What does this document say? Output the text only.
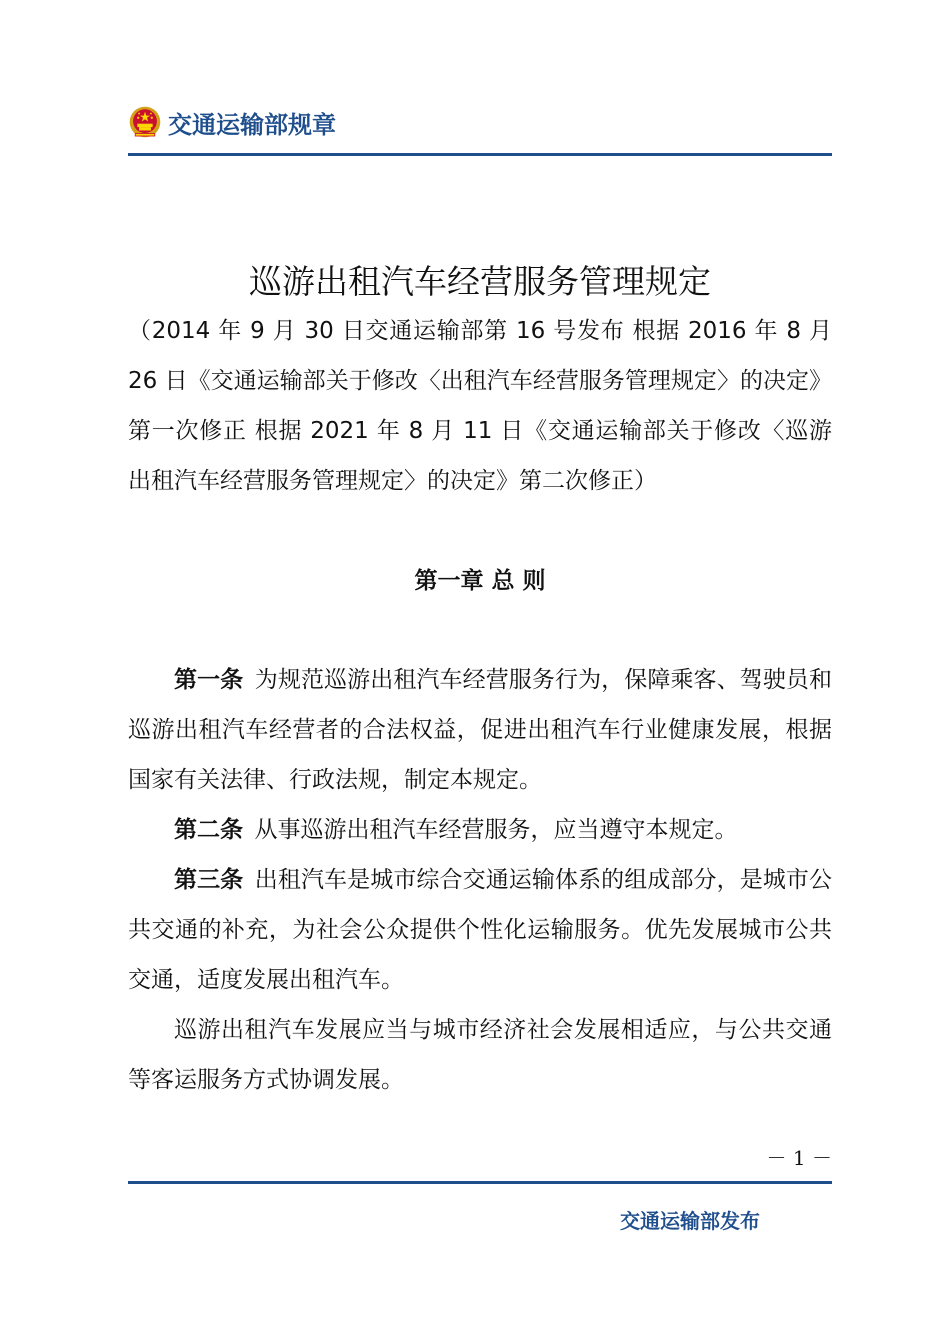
交通运输部规章
巡游出租汽车经营服务管理规定

（2014 年 9 月 30 日交通运输部第 16 号发布 根据 2016 年 8 月 26 日《交通运输部关于修改〈出租汽车经营服务管理规定〉的决定》第一次修正 根据 2021 年 8 月 11 日《交通运输部关于修改〈巡游出租汽车经营服务管理规定〉的决定》第二次修正）

第一章 总 则

第一条 为规范巡游出租汽车经营服务行为，保障乘客、驾驶员和巡游出租汽车经营者的合法权益，促进出租汽车行业健康发展，根据国家有关法律、行政法规，制定本规定。

第二条 从事巡游出租汽车经营服务，应当遵守本规定。

第三条 出租汽车是城市综合交通运输体系的组成部分，是城市公共交通的补充，为社会公众提供个性化运输服务。优先发展城市公共交通，适度发展出租汽车。

巡游出租汽车发展应当与城市经济社会发展相适应，与公共交通等客运服务方式协调发展。

－ 1 －
交通运输部发布
